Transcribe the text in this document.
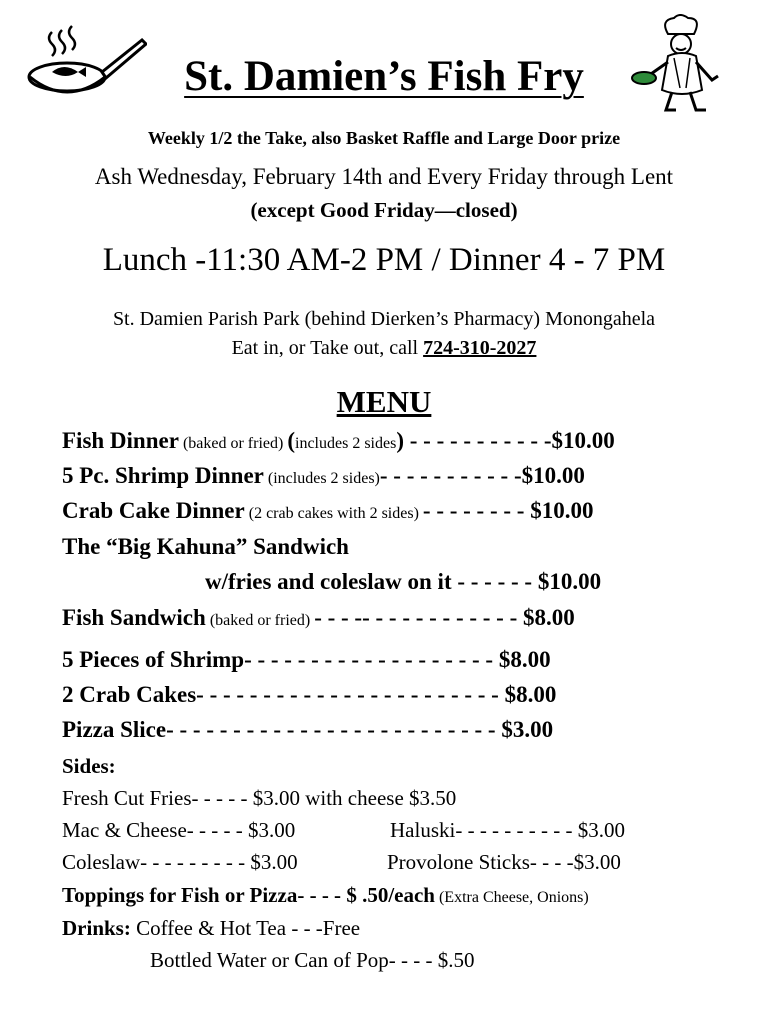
St. Damien’s Fish Fry
Weekly 1/2 the Take, also Basket Raffle and Large Door prize
Ash Wednesday, February 14th and Every Friday through Lent
(except Good Friday—closed)
Lunch -11:30 AM-2 PM / Dinner 4 - 7 PM
St. Damien Parish Park (behind Dierken’s Pharmacy) Monongahela
Eat in, or Take out, call 724-310-2027
MENU
Fish Dinner (baked or fried) (includes 2 sides) - - - - - - - - - - -$10.00
5 Pc. Shrimp Dinner (includes 2 sides)- - - - - - - - - - -$10.00
Crab Cake Dinner (2 crab cakes with 2 sides) - - - - - - - - $10.00
The “Big Kahuna” Sandwich
w/fries and coleslaw on it - - - - - - $10.00
Fish Sandwich (baked or fried) - - - -- - - - - - - - - - - - $8.00
5 Pieces of Shrimp- - - - - - - - - - - - - - - - - - - $8.00
2 Crab Cakes- - - - - - - - - - - - - - - - - - - - - - - $8.00
Pizza Slice- - - - - - - - - - - - - - - - - - - - - - - - - $3.00
Sides:
Fresh Cut Fries- - - - - $3.00 with cheese $3.50
Mac & Cheese- - - - - $3.00	Haluski- - - - - - - - - - $3.00
Coleslaw- - - - - - - - - $3.00	Provolone Sticks- - - -$3.00
Toppings for Fish or Pizza- - - - $ .50/each (Extra Cheese, Onions)
Drinks: Coffee & Hot Tea - - -Free
Bottled Water or Can of Pop- - - - $.50
